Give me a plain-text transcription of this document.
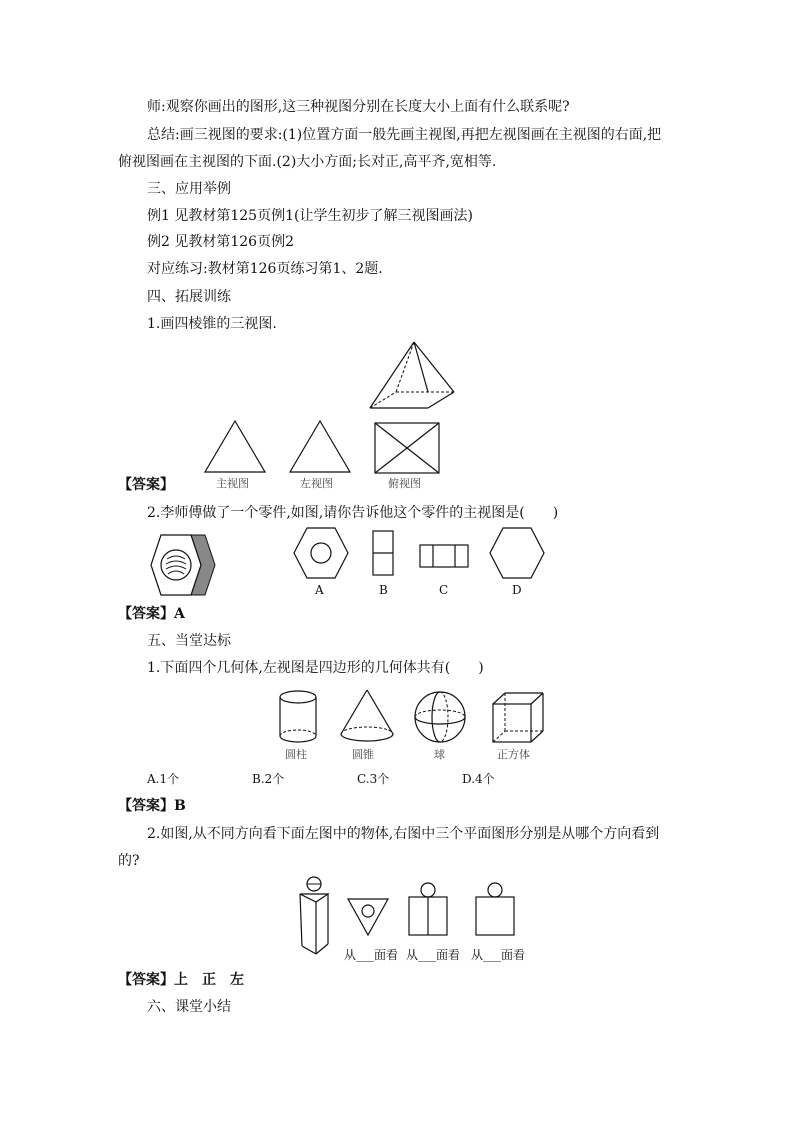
师:观察你画出的图形,这三种视图分别在长度大小上面有什么联系呢?
总结:画三视图的要求:(1)位置方面一般先画主视图,再把左视图画在主视图的右面,把
俯视图画在主视图的下面.(2)大小方面;长对正,高平齐,宽相等.
三、应用举例
例1 见教材第125页例1(让学生初步了解三视图画法)
例2 见教材第126页例2
对应练习:教材第126页练习第1、2题.
四、拓展训练
1.画四棱锥的三视图.
主视图	左视图	俯视图
【答案】
2.李师傅做了一个零件,如图,请你告诉他这个零件的主视图是(　　)
A	B	C	D
【答案】A
五、当堂达标
1.下面四个几何体,左视图是四边形的几何体共有(　　)
圆柱	圆锥	球	正方体
A.1个	B.2个	C.3个	D.4个
【答案】B
2.如图,从不同方向看下面左图中的物体,右图中三个平面图形分别是从哪个方向看到
的?
从___面看 从___面看 从___面看
【答案】上　正　左
六、课堂小结
